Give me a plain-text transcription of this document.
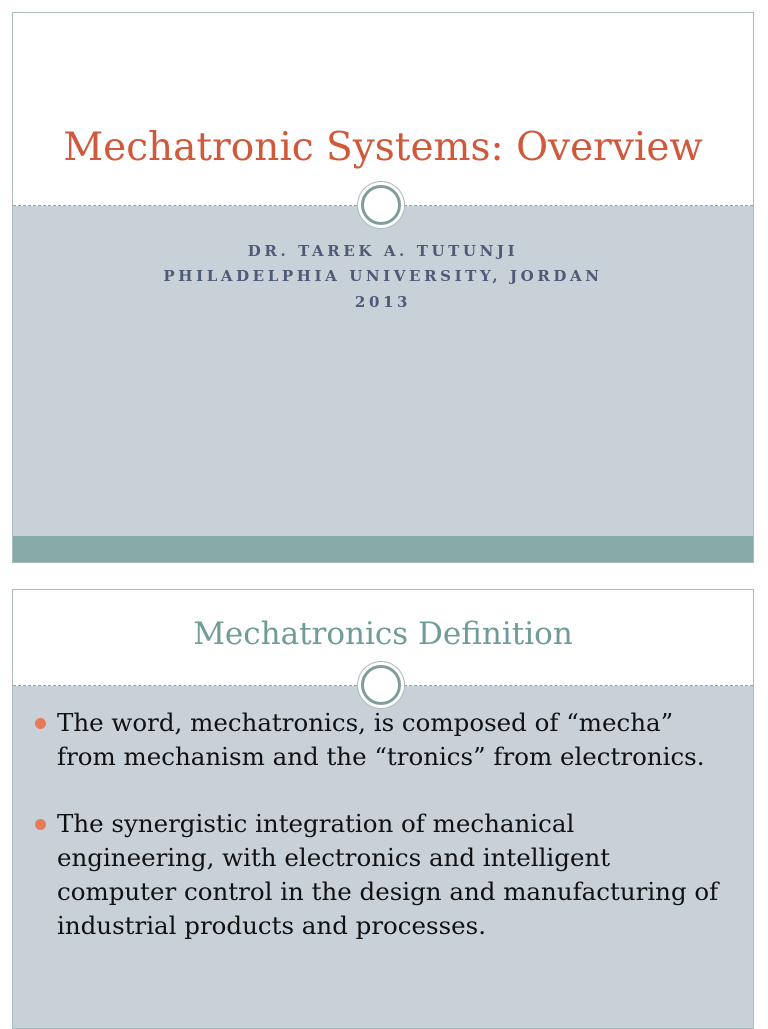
Mechatronic Systems: Overview
DR. TAREK A. TUTUNJI
PHILADELPHIA UNIVERSITY, JORDAN
2013
Mechatronics Definition
The word, mechatronics, is composed of “mecha” from mechanism and the “tronics” from electronics.
The synergistic integration of mechanical engineering, with electronics and intelligent computer control in the design and manufacturing of industrial products and processes.
